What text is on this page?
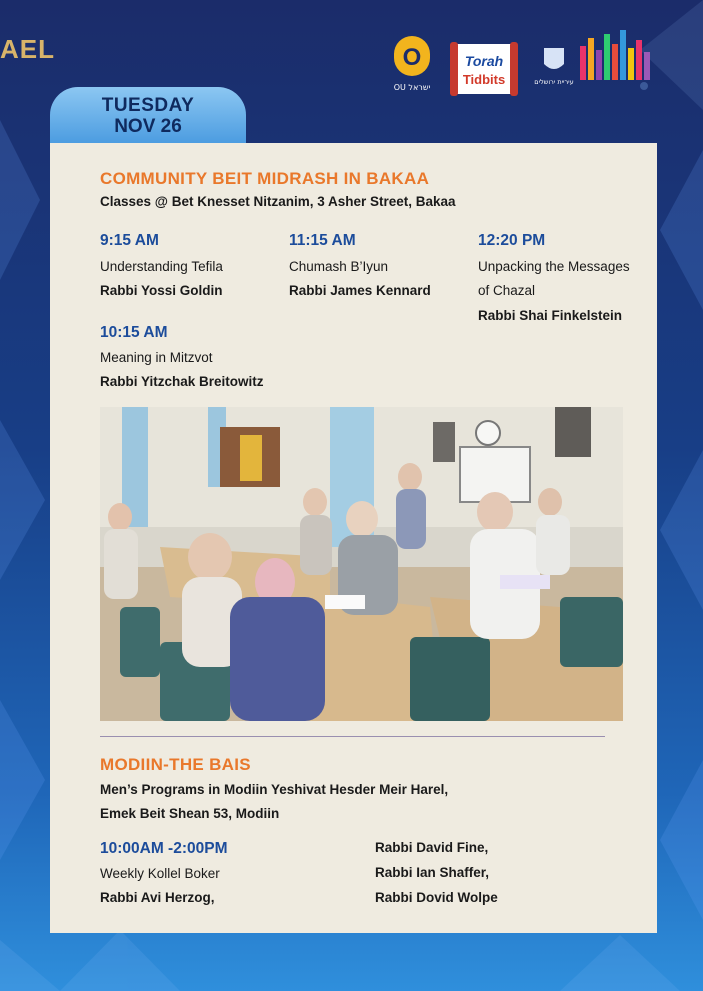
AEL	O
OU ישראל
Torah
Tidbits	עיריית ירושלים
TUESDAY
NOV 26
COMMUNITY BEIT MIDRASH IN BAKAA
Classes @ Bet Knesset Nitzanim, 3 Asher Street, Bakaa
9:15 AM
Understanding Tefila
Rabbi Yossi Goldin
11:15 AM
Chumash B’Iyun
Rabbi James Kennard
12:20 PM
Unpacking the Messages
of Chazal
Rabbi Shai Finkelstein
10:15 AM
Meaning in Mitzvot
Rabbi Yitzchak Breitowitz
MODIIN-THE BAIS
Men’s Programs in Modiin Yeshivat Hesder Meir Harel,
Emek Beit Shean 53, Modiin
10:00AM -2:00PM
Weekly Kollel Boker
Rabbi Avi Herzog,
Rabbi David Fine,
Rabbi Ian Shaffer,
Rabbi Dovid Wolpe
